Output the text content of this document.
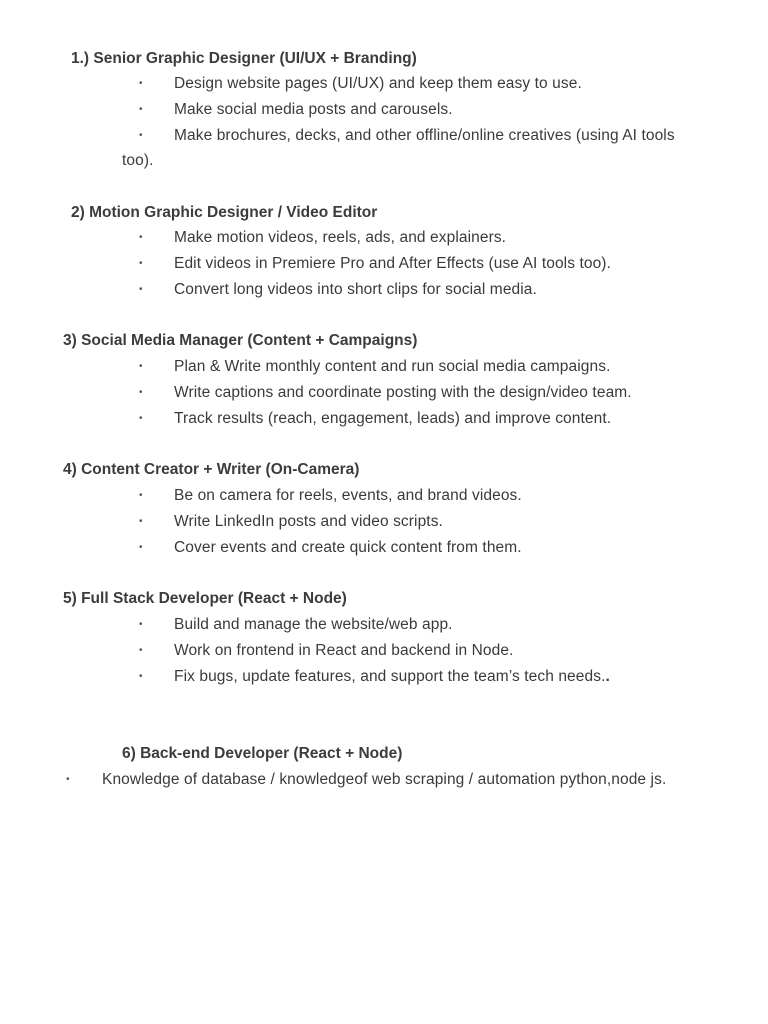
1.) Senior Graphic Designer (UI/UX + Branding)
• Design website pages (UI/UX) and keep them easy to use.
• Make social media posts and carousels.
• Make brochures, decks, and other offline/online creatives (using AI tools
too).
2) Motion Graphic Designer / Video Editor
• Make motion videos, reels, ads, and explainers.
• Edit videos in Premiere Pro and After Effects (use AI tools too).
• Convert long videos into short clips for social media.
3) Social Media Manager (Content + Campaigns)
• Plan & Write monthly content and run social media campaigns.
• Write captions and coordinate posting with the design/video team.
• Track results (reach, engagement, leads) and improve content.
4) Content Creator + Writer (On-Camera)
• Be on camera for reels, events, and brand videos.
• Write LinkedIn posts and video scripts.
• Cover events and create quick content from them.
5) Full Stack Developer (React + Node)
• Build and manage the website/web app.
• Work on frontend in React and backend in Node.
• Fix bugs, update features, and support the team’s tech needs..
6) Back-end Developer (React + Node)
• Knowledge of database / knowledgeof web scraping / automation python,node js.
